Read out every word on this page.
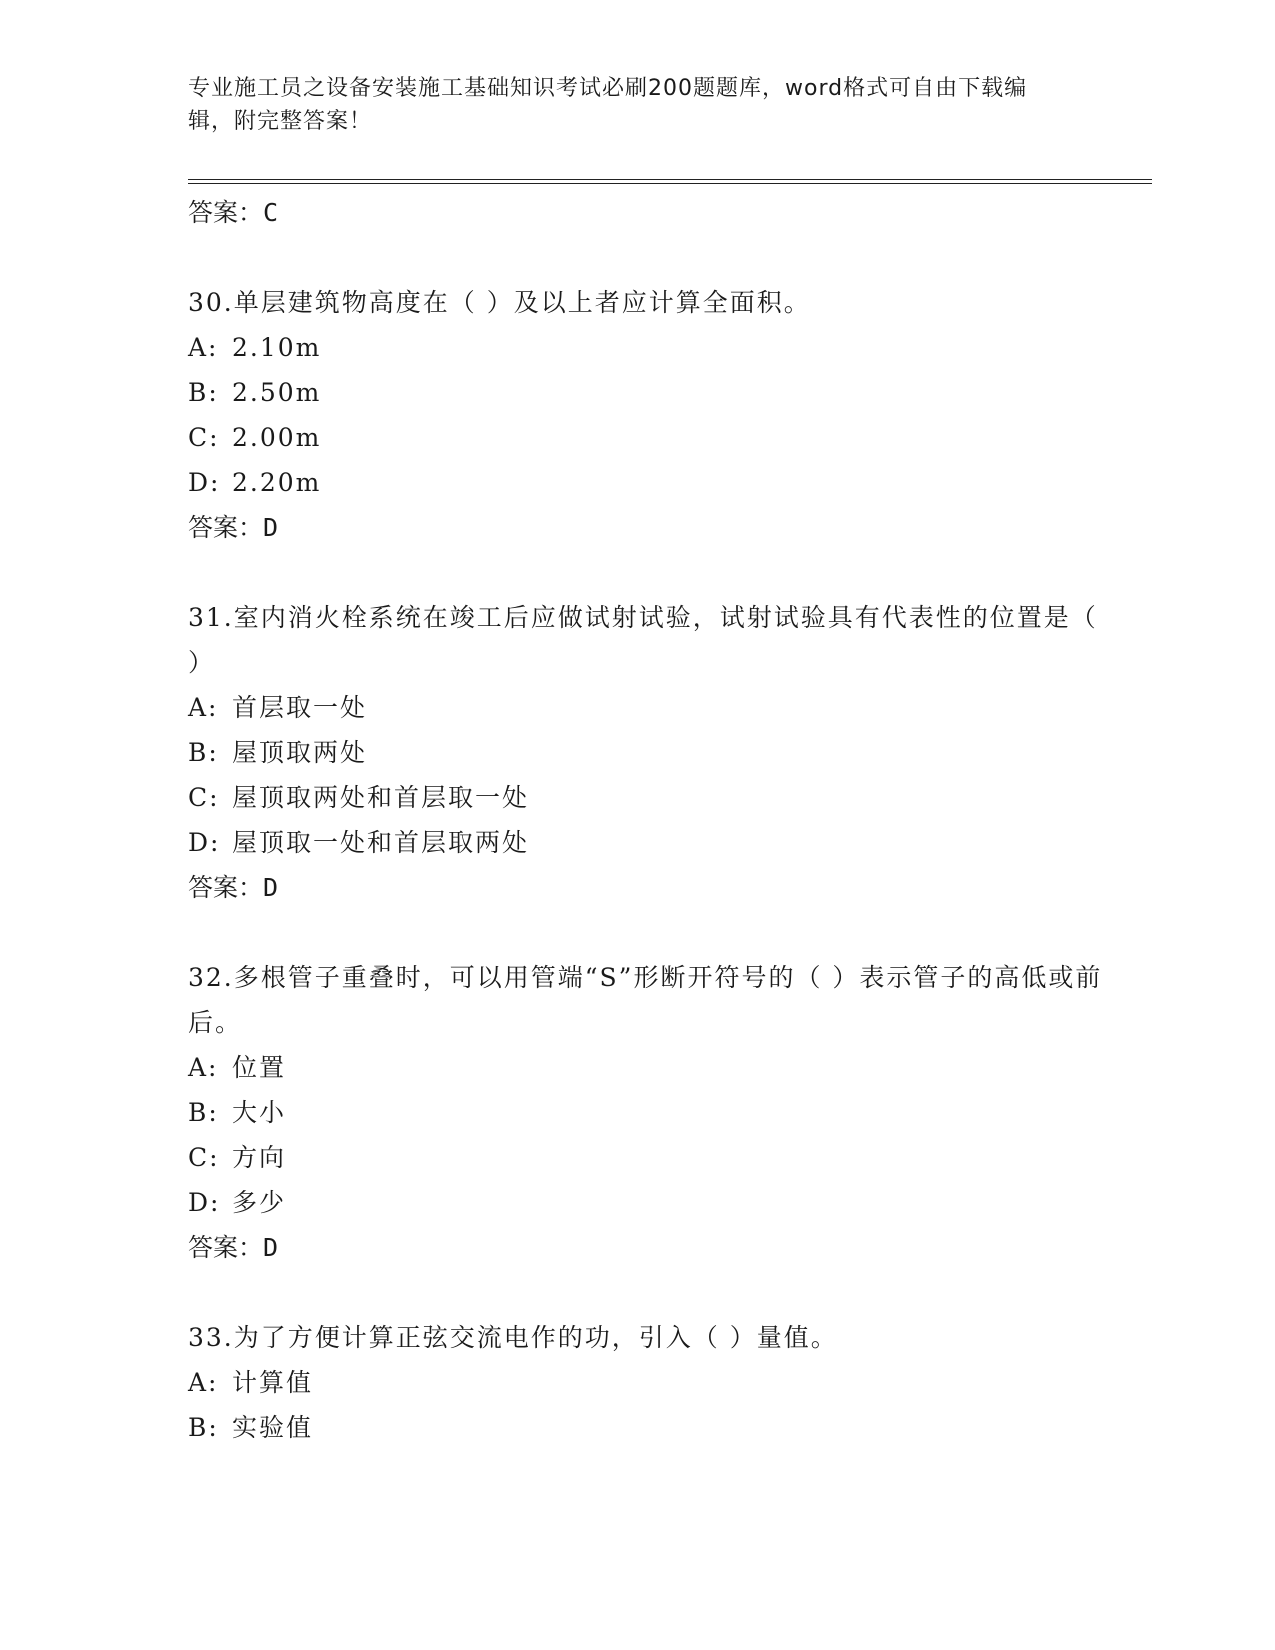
专业施工员之设备安装施工基础知识考试必刷200题题库，word格式可自由下载编辑，附完整答案！
答案：C
30.单层建筑物高度在（ ）及以上者应计算全面积。
A: 2.10m
B: 2.50m
C: 2.00m
D: 2.20m
答案：D
31.室内消火栓系统在竣工后应做试射试验，试射试验具有代表性的位置是（ ）
A: 首层取一处
B: 屋顶取两处
C: 屋顶取两处和首层取一处
D: 屋顶取一处和首层取两处
答案：D
32.多根管子重叠时，可以用管端“S”形断开符号的（ ）表示管子的高低或前后。
A: 位置
B: 大小
C: 方向
D: 多少
答案：D
33.为了方便计算正弦交流电作的功，引入（ ）量值。
A: 计算值
B: 实验值
